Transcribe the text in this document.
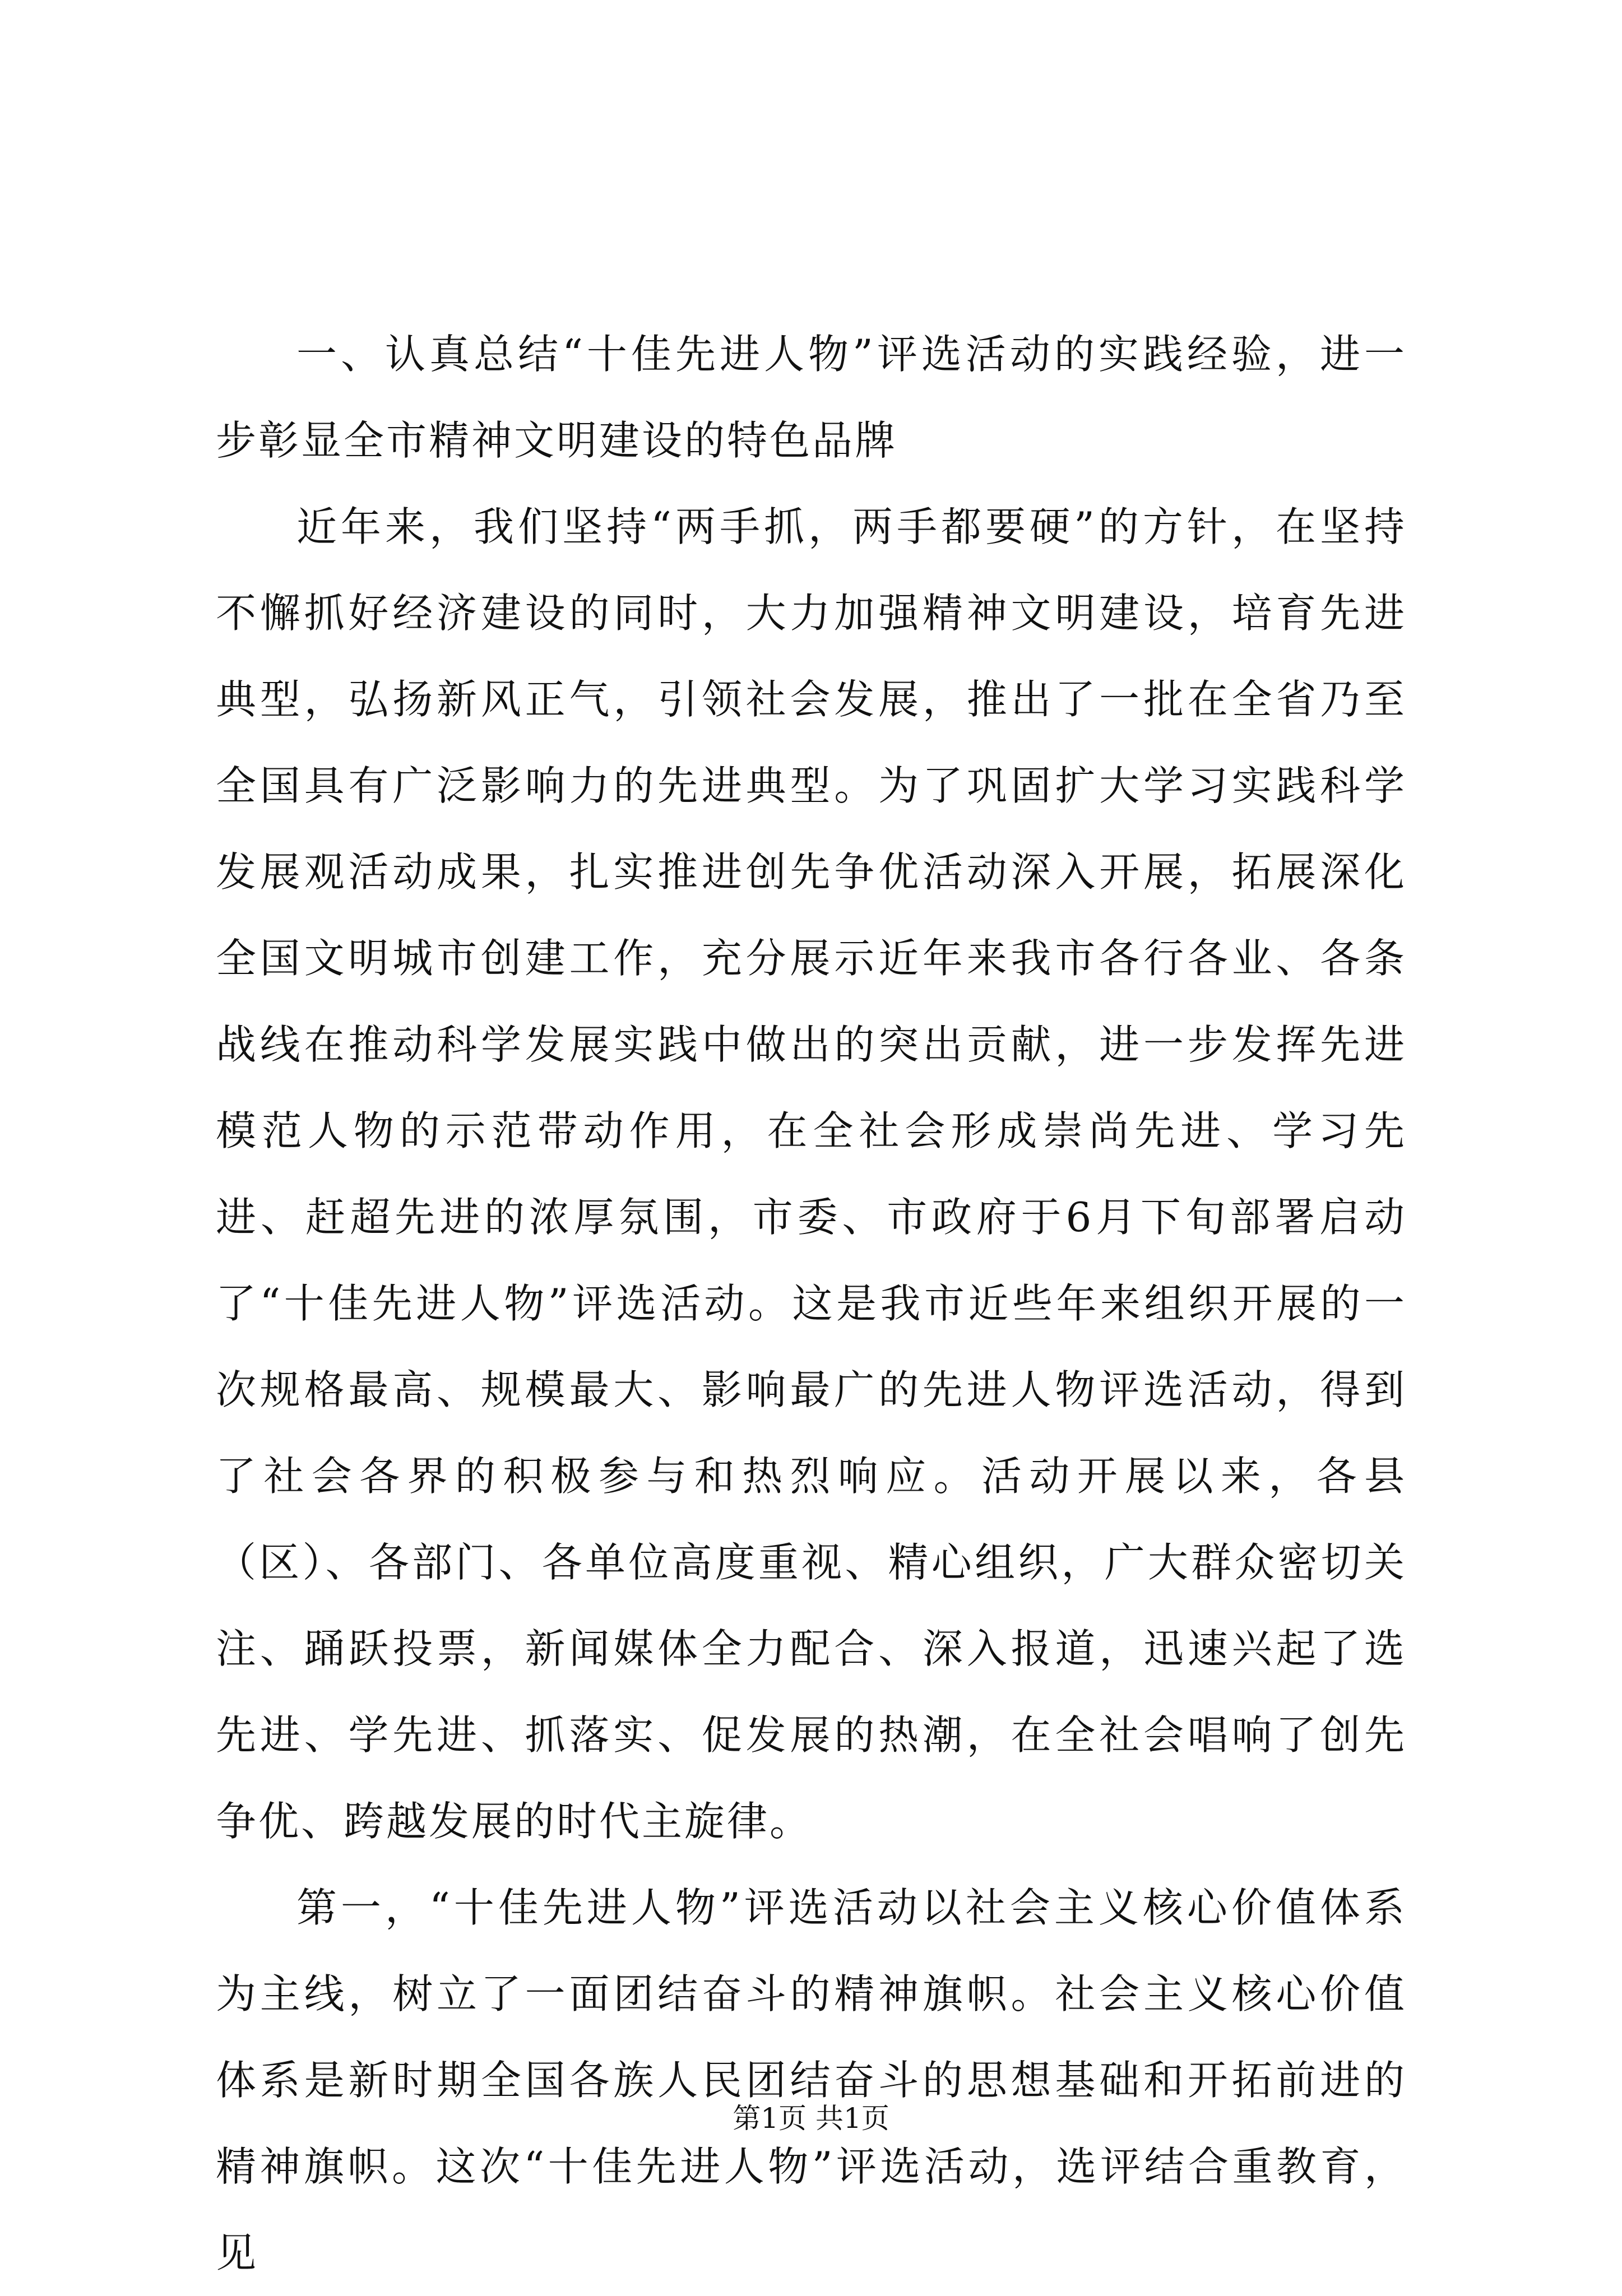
一、认真总结“十佳先进人物”评选活动的实践经验，进一步彰显全市精神文明建设的特色品牌

近年来，我们坚持“两手抓，两手都要硬”的方针，在坚持不懈抓好经济建设的同时，大力加强精神文明建设，培育先进典型，弘扬新风正气，引领社会发展，推出了一批在全省乃至全国具有广泛影响力的先进典型。为了巩固扩大学习实践科学发展观活动成果，扎实推进创先争优活动深入开展，拓展深化全国文明城市创建工作，充分展示近年来我市各行各业、各条战线在推动科学发展实践中做出的突出贡献，进一步发挥先进模范人物的示范带动作用，在全社会形成崇尚先进、学习先进、赶超先进的浓厚氛围，市委、市政府于6月下旬部署启动了“十佳先进人物”评选活动。这是我市近些年来组织开展的一次规格最高、规模最大、影响最广的先进人物评选活动，得到了社会各界的积极参与和热烈响应。活动开展以来，各县（区）、各部门、各单位高度重视、精心组织，广大群众密切关注、踊跃投票，新闻媒体全力配合、深入报道，迅速兴起了选先进、学先进、抓落实、促发展的热潮，在全社会唱响了创先争优、跨越发展的时代主旋律。

第一，“十佳先进人物”评选活动以社会主义核心价值体系为主线，树立了一面团结奋斗的精神旗帜。社会主义核心价值体系是新时期全国各族人民团结奋斗的思想基础和开拓前进的精神旗帜。这次“十佳先进人物”评选活动，选评结合重教育，见

第1页 共1页
